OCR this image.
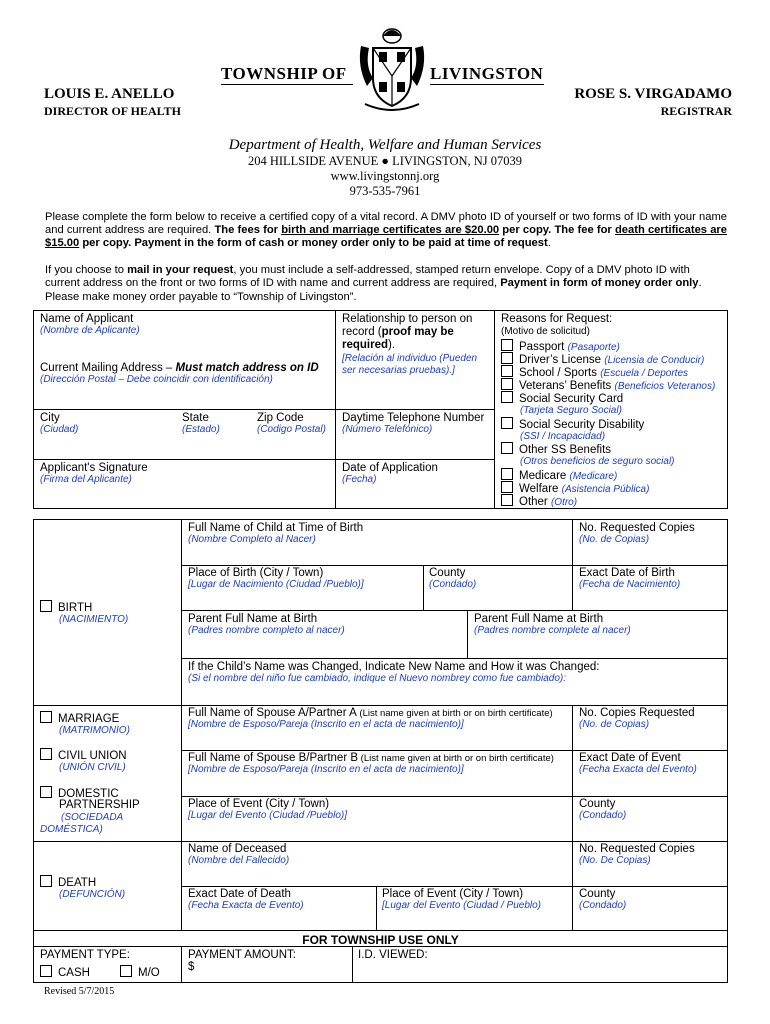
TOWNSHIP OF	LIVINGSTON
LOUIS E. ANELLO
DIRECTOR OF HEALTH
ROSE S. VIRGADAMO
REGISTRAR
Department of Health, Welfare and Human Services
204 HILLSIDE AVENUE ● LIVINGSTON, NJ 07039
www.livingstonnj.org
973-535-7961
Please complete the form below to receive a certified copy of a vital record. A DMV photo ID of yourself or two forms of ID with your name and current address are required. The fees for birth and marriage certificates are $20.00 per copy. The fee for death certificates are $15.00 per copy. Payment in the form of cash or money order only to be paid at time of request.
If you choose to mail in your request, you must include a self-addressed, stamped return envelope. Copy of a DMV photo ID with current address on the front or two forms of ID with name and current address are required, Payment in form of money order only.
Please make money order payable to “Township of Livingston”.
Name of Applicant
(Nombre de Aplicante)
Current Mailing Address – Must match address on ID
(Dirección Postal – Debe coincidir con identificación)
City
(Ciudad)
State
(Estado)
Zip Code
(Codigo Postal)
Applicant's Signature
(Firma del Aplicante)
Relationship to person on record (proof may be required).
[Relación al individuo (Pueden ser necesarias pruebas).]
Daytime Telephone Number
(Número Telefónico)
Date of Application
(Fecha)
Reasons for Request:
(Motivo de solicitud)
Passport (Pasaporte)
Driver’s License (Licensia de Conducir)
School / Sports (Escuela / Deportes
Veterans’ Benefits (Beneficios Veteranos)
Social Security Card
(Tarjeta Seguro Social)
Social Security Disability
(SSI / Incapacidad)
Other SS Benefits
(Otros beneficios de seguro social)
Medicare (Medicare)
Welfare (Asistencia Pública)
Other (Otro)
BIRTH
(NACIMIENTO)
Full Name of Child at Time of Birth
(Nombre Completo al Nacer)
No. Requested Copies
(No. de Copias)
Place of Birth (City / Town)
[Lugar de Nacimiento (Ciudad /Pueblo)]
County
(Condado)
Exact Date of Birth
(Fecha de Nacimiento)
Parent Full Name at Birth
(Padres nombre completo al nacer)
Parent Full Name at Birth
(Padres nombre complete al nacer)
If the Child’s Name was Changed, Indicate New Name and How it was Changed:
(Si el nombre del niño fue cambiado, indique el Nuevo nombrey como fue cambiado):
MARRIAGE
(MATRIMONIO)
CIVIL UNION
(UNIÓN CIVIL)
DOMESTIC
PARTNERSHIP
(SOCIEDADA
DOMÉSTICA)
Full Name of Spouse A/Partner A (List name given at birth or on birth certificate)
[Nombre de Esposo/Pareja (Inscrito en el acta de nacimiento)]
No. Copies Requested
(No. de Copias)
Full Name of Spouse B/Partner B (List name given at birth or on birth certificate)
[Nombre de Esposo/Pareja (Inscrito en el acta de nacimiento)]
Exact Date of Event
(Fecha Exacta del Evento)
Place of Event (City / Town)
[Lugar del Evento (Ciudad /Pueblo)]
County
(Condado)
DEATH
(DEFUNCIÓN)
Name of Deceased
(Nombre del Fallecido)
No. Requested Copies
(No. De Copias)
Exact Date of Death
(Fecha Exacta de Evento)
Place of Event (City / Town)
[Lugar del Evento (Ciudad / Pueblo)
County
(Condado)
FOR TOWNSHIP USE ONLY
PAYMENT TYPE:
CASH	M/O
PAYMENT AMOUNT:
$
I.D. VIEWED:
Revised 5/7/2015
